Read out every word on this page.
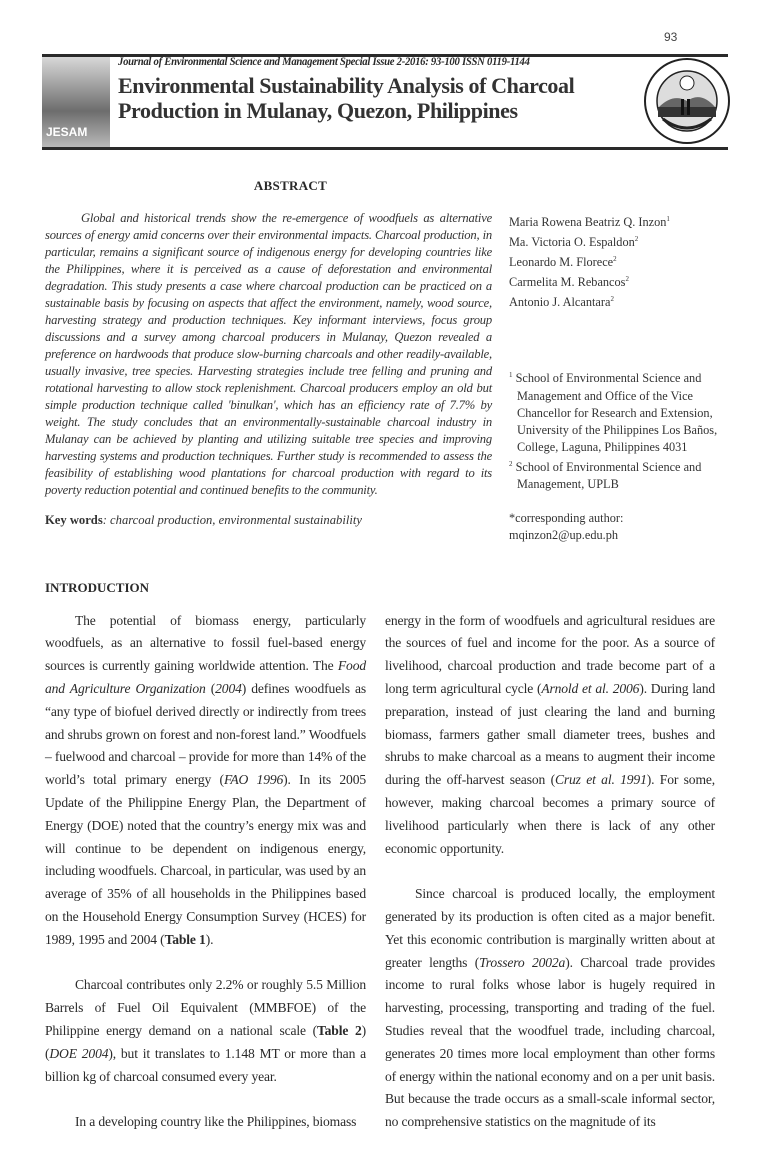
93
JESAM
Journal of Environmental Science and Management Special Issue 2-2016: 93-100 ISSN 0119-1144
Environmental Sustainability Analysis of Charcoal
Production in Mulanay, Quezon, Philippines
ABSTRACT
Global and historical trends show the re-emergence of woodfuels as alternative sources of energy amid concerns over their environmental impacts. Charcoal production, in particular, remains a significant source of indigenous energy for developing countries like the Philippines, where it is perceived as a cause of deforestation and environmental degradation. This study presents a case where charcoal production can be practiced on a sustainable basis by focusing on aspects that affect the environment, namely, wood source, harvesting strategy and production techniques. Key informant interviews, focus group discussions and a survey among charcoal producers in Mulanay, Quezon revealed a preference on hardwoods that produce slow-burning charcoals and other readily-available, usually invasive, tree species. Harvesting strategies include tree felling and pruning and rotational harvesting to allow stock replenishment. Charcoal producers employ an old but simple production technique called 'binulkan', which has an efficiency rate of 7.7% by weight. The study concludes that an environmentally-sustainable charcoal industry in Mulanay can be achieved by planting and utilizing suitable tree species and improving harvesting systems and production techniques. Further study is recommended to assess the feasibility of establishing wood plantations for charcoal production with regard to its poverty reduction potential and continued benefits to the community.
Key words: charcoal production, environmental sustainability
Maria Rowena Beatriz Q. Inzon$^1$
Ma. Victoria O. Espaldon$^2$
Leonardo M. Florece$^2$
Carmelita M. Rebancos$^2$
Antonio J. Alcantara$^2$
$^1$ School of Environmental Science and Management and Office of the Vice Chancellor for Research and Extension, University of the Philippines Los Baños, College, Laguna, Philippines 4031
$^2$ School of Environmental Science and Management, UPLB
*corresponding author:
mqinzon2@up.edu.ph
INTRODUCTION

The potential of biomass energy, particularly woodfuels, as an alternative to fossil fuel-based energy sources is currently gaining worldwide attention. The Food and Agriculture Organization (2004) defines woodfuels as “any type of biofuel derived directly or indirectly from trees and shrubs grown on forest and non-forest land.” Woodfuels – fuelwood and charcoal – provide for more than 14% of the world’s total primary energy (FAO 1996). In its 2005 Update of the Philippine Energy Plan, the Department of Energy (DOE) noted that the country’s energy mix was and will continue to be dependent on indigenous energy, including woodfuels. Charcoal, in particular, was used by an average of 35% of all households in the Philippines based on the Household Energy Consumption Survey (HCES) for 1989, 1995 and 2004 (Table 1).

Charcoal contributes only 2.2% or roughly 5.5 Million Barrels of Fuel Oil Equivalent (MMBFOE) of the Philippine energy demand on a national scale (Table 2) (DOE 2004), but it translates to 1.148 MT or more than a billion kg of charcoal consumed every year.

In a developing country like the Philippines, biomass

energy in the form of woodfuels and agricultural residues are the sources of fuel and income for the poor. As a source of livelihood, charcoal production and trade become part of a long term agricultural cycle (Arnold et al. 2006). During land preparation, instead of just clearing the land and burning biomass, farmers gather small diameter trees, bushes and shrubs to make charcoal as a means to augment their income during the off-harvest season (Cruz et al. 1991). For some, however, making charcoal becomes a primary source of livelihood particularly when there is lack of any other economic opportunity.

Since charcoal is produced locally, the employment generated by its production is often cited as a major benefit. Yet this economic contribution is marginally written about at greater lengths (Trossero 2002a). Charcoal trade provides income to rural folks whose labor is hugely required in harvesting, processing, transporting and trading of the fuel. Studies reveal that the woodfuel trade, including charcoal, generates 20 times more local employment than other forms of energy within the national economy and on a per unit basis. But because the trade occurs as a small-scale informal sector, no comprehensive statistics on the magnitude of its
